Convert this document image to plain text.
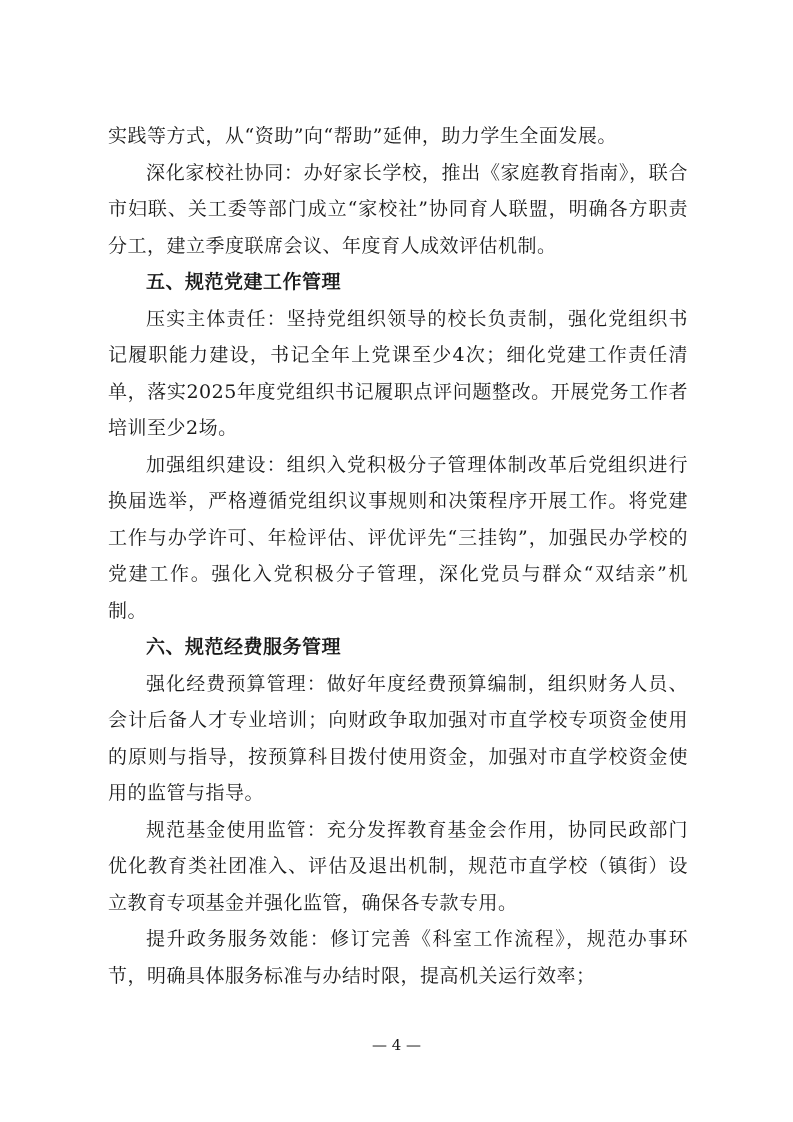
实践等方式，从“资助”向“帮助”延伸，助力学生全面发展。

深化家校社协同：办好家长学校，推出《家庭教育指南》，联合市妇联、关工委等部门成立“家校社”协同育人联盟，明确各方职责分工，建立季度联席会议、年度育人成效评估机制。

五、规范党建工作管理

压实主体责任：坚持党组织领导的校长负责制，强化党组织书记履职能力建设，书记全年上党课至少4次；细化党建工作责任清单，落实2025年度党组织书记履职点评问题整改。开展党务工作者培训至少2场。

加强组织建设：组织入党积极分子管理体制改革后党组织进行换届选举，严格遵循党组织议事规则和决策程序开展工作。将党建工作与办学许可、年检评估、评优评先“三挂钩”，加强民办学校的党建工作。强化入党积极分子管理，深化党员与群众“双结亲”机制。

六、规范经费服务管理

强化经费预算管理：做好年度经费预算编制，组织财务人员、会计后备人才专业培训；向财政争取加强对市直学校专项资金使用的原则与指导，按预算科目拨付使用资金，加强对市直学校资金使用的监管与指导。

规范基金使用监管：充分发挥教育基金会作用，协同民政部门优化教育类社团准入、评估及退出机制，规范市直学校（镇街）设立教育专项基金并强化监管，确保各专款专用。

提升政务服务效能：修订完善《科室工作流程》，规范办事环节，明确具体服务标准与办结时限，提高机关运行效率；

— 4 —
